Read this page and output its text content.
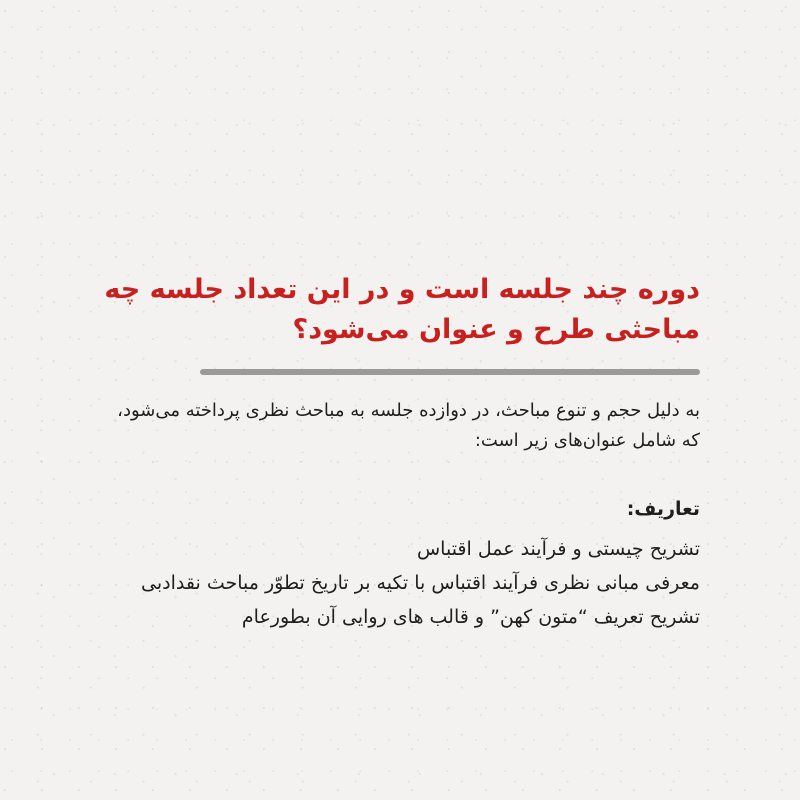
دوره چند جلسه است و در این تعداد جلسه چه مباحثی طرح و عنوان می‌شود؟

به دلیل حجم و تنوع مباحث، در دوازده جلسه به مباحث نظری پرداخته می‌شود، که شامل عنوان‌های زیر است:

تعاریف:
تشریح چیستی و فرآیند عمل اقتباس
معرفی مبانی نظری فرآیند اقتباس با تکیه بر تاریخ تطوّر مباحث نقدادبی
تشریح تعریف “متون کهن” و قالب های روایی آن بطورعام
